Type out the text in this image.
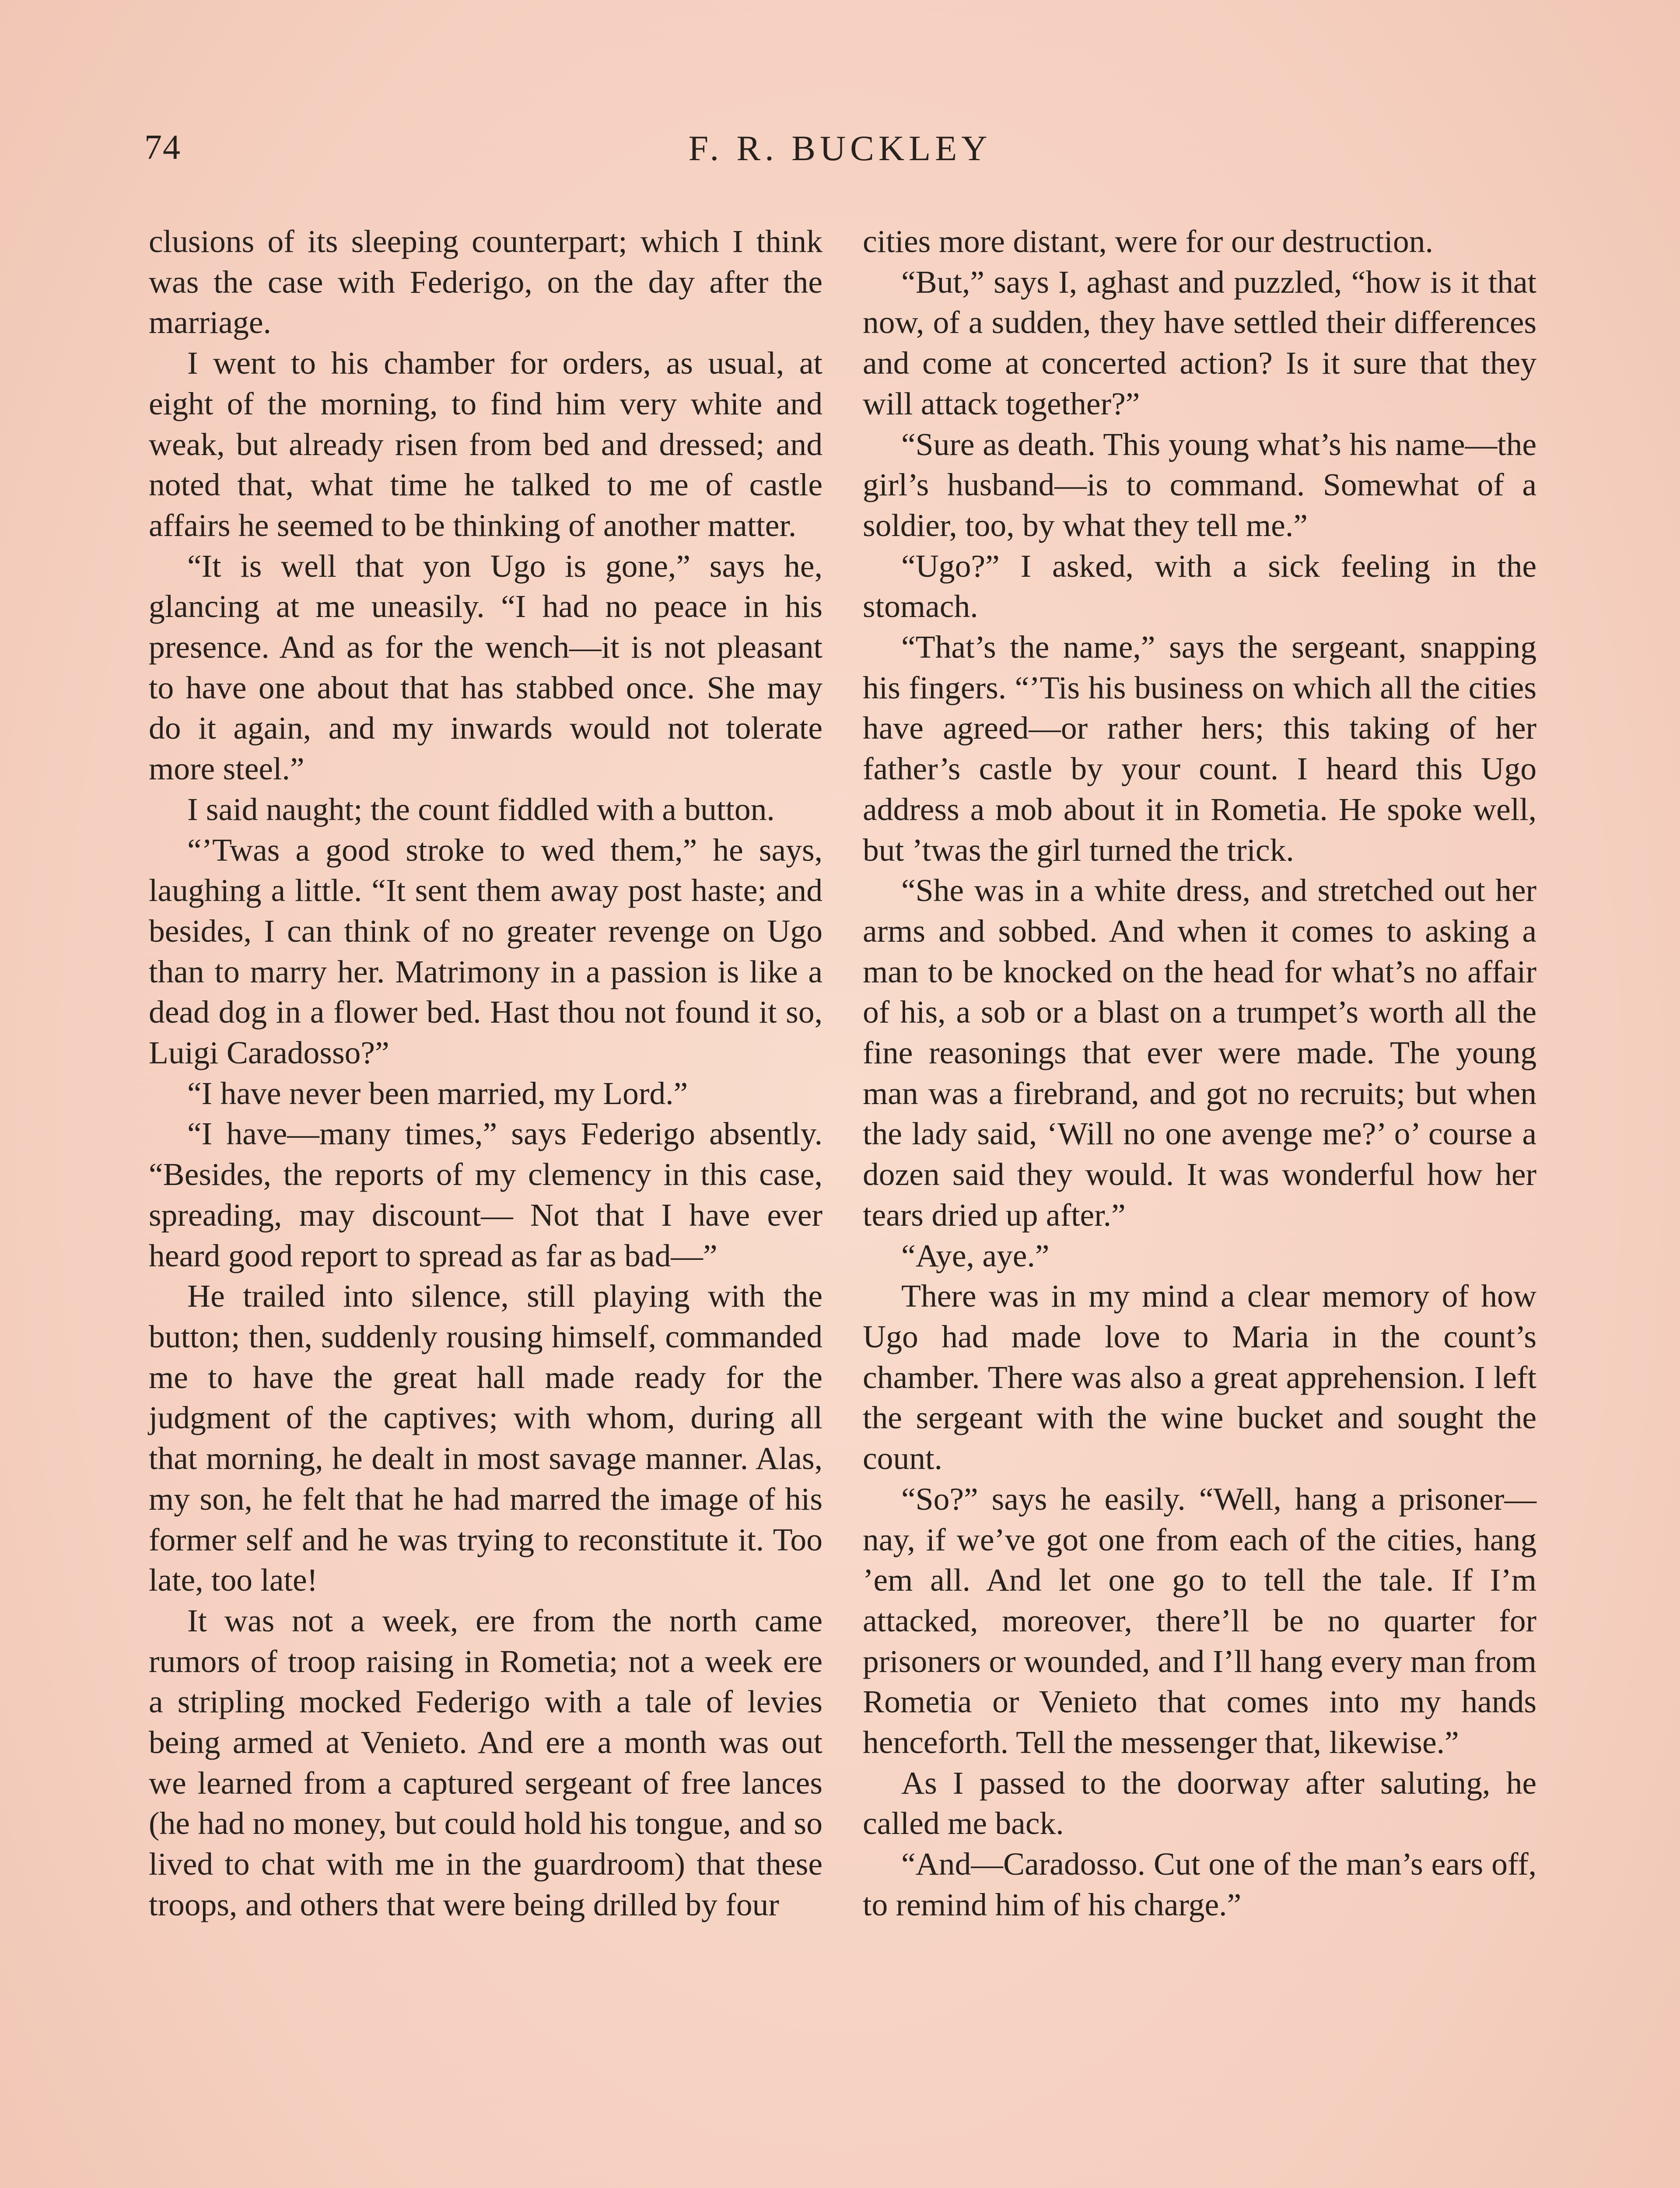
74	F. R. BUCKLEY

clusions of its sleeping counterpart; which I think was the case with Federigo, on the day after the marriage.

I went to his chamber for orders, as usual, at eight of the morning, to find him very white and weak, but already risen from bed and dressed; and noted that, what time he talked to me of castle affairs he seemed to be thinking of another matter.

“It is well that yon Ugo is gone,” says he, glancing at me uneasily. “I had no peace in his presence. And as for the wench—it is not pleasant to have one about that has stabbed once. She may do it again, and my inwards would not tolerate more steel.”

I said naught; the count fiddled with a button.

“’Twas a good stroke to wed them,” he says, laughing a little. “It sent them away post haste; and besides, I can think of no greater revenge on Ugo than to marry her. Matrimony in a passion is like a dead dog in a flower bed. Hast thou not found it so, Luigi Caradosso?”

“I have never been married, my Lord.”

“I have—many times,” says Federigo absently. “Besides, the reports of my clemency in this case, spreading, may discount— Not that I have ever heard good report to spread as far as bad—”

He trailed into silence, still playing with the button; then, suddenly rousing himself, commanded me to have the great hall made ready for the judgment of the captives; with whom, during all that morning, he dealt in most savage manner. Alas, my son, he felt that he had marred the image of his former self and he was trying to reconstitute it. Too late, too late!

It was not a week, ere from the north came rumors of troop raising in Rometia; not a week ere a stripling mocked Federigo with a tale of levies being armed at Venieto. And ere a month was out we learned from a captured sergeant of free lances (he had no money, but could hold his tongue, and so lived to chat with me in the guardroom) that these troops, and others that were being drilled by four

cities more distant, were for our destruction.

“But,” says I, aghast and puzzled, “how is it that now, of a sudden, they have settled their differences and come at concerted action? Is it sure that they will attack together?”

“Sure as death. This young what’s his name—the girl’s husband—is to command. Somewhat of a soldier, too, by what they tell me.”

“Ugo?” I asked, with a sick feeling in the stomach.

“That’s the name,” says the sergeant, snapping his fingers. “’Tis his business on which all the cities have agreed—or rather hers; this taking of her father’s castle by your count. I heard this Ugo address a mob about it in Rometia. He spoke well, but ’twas the girl turned the trick.

“She was in a white dress, and stretched out her arms and sobbed. And when it comes to asking a man to be knocked on the head for what’s no affair of his, a sob or a blast on a trumpet’s worth all the fine reasonings that ever were made. The young man was a firebrand, and got no recruits; but when the lady said, ‘Will no one avenge me?’ o’ course a dozen said they would. It was wonderful how her tears dried up after.”

“Aye, aye.”

There was in my mind a clear memory of how Ugo had made love to Maria in the count’s chamber. There was also a great apprehension. I left the sergeant with the wine bucket and sought the count.

“So?” says he easily. “Well, hang a prisoner—nay, if we’ve got one from each of the cities, hang ’em all. And let one go to tell the tale. If I’m attacked, moreover, there’ll be no quarter for prisoners or wounded, and I’ll hang every man from Rometia or Venieto that comes into my hands henceforth. Tell the messenger that, likewise.”

As I passed to the doorway after saluting, he called me back.

“And—Caradosso. Cut one of the man’s ears off, to remind him of his charge.”
